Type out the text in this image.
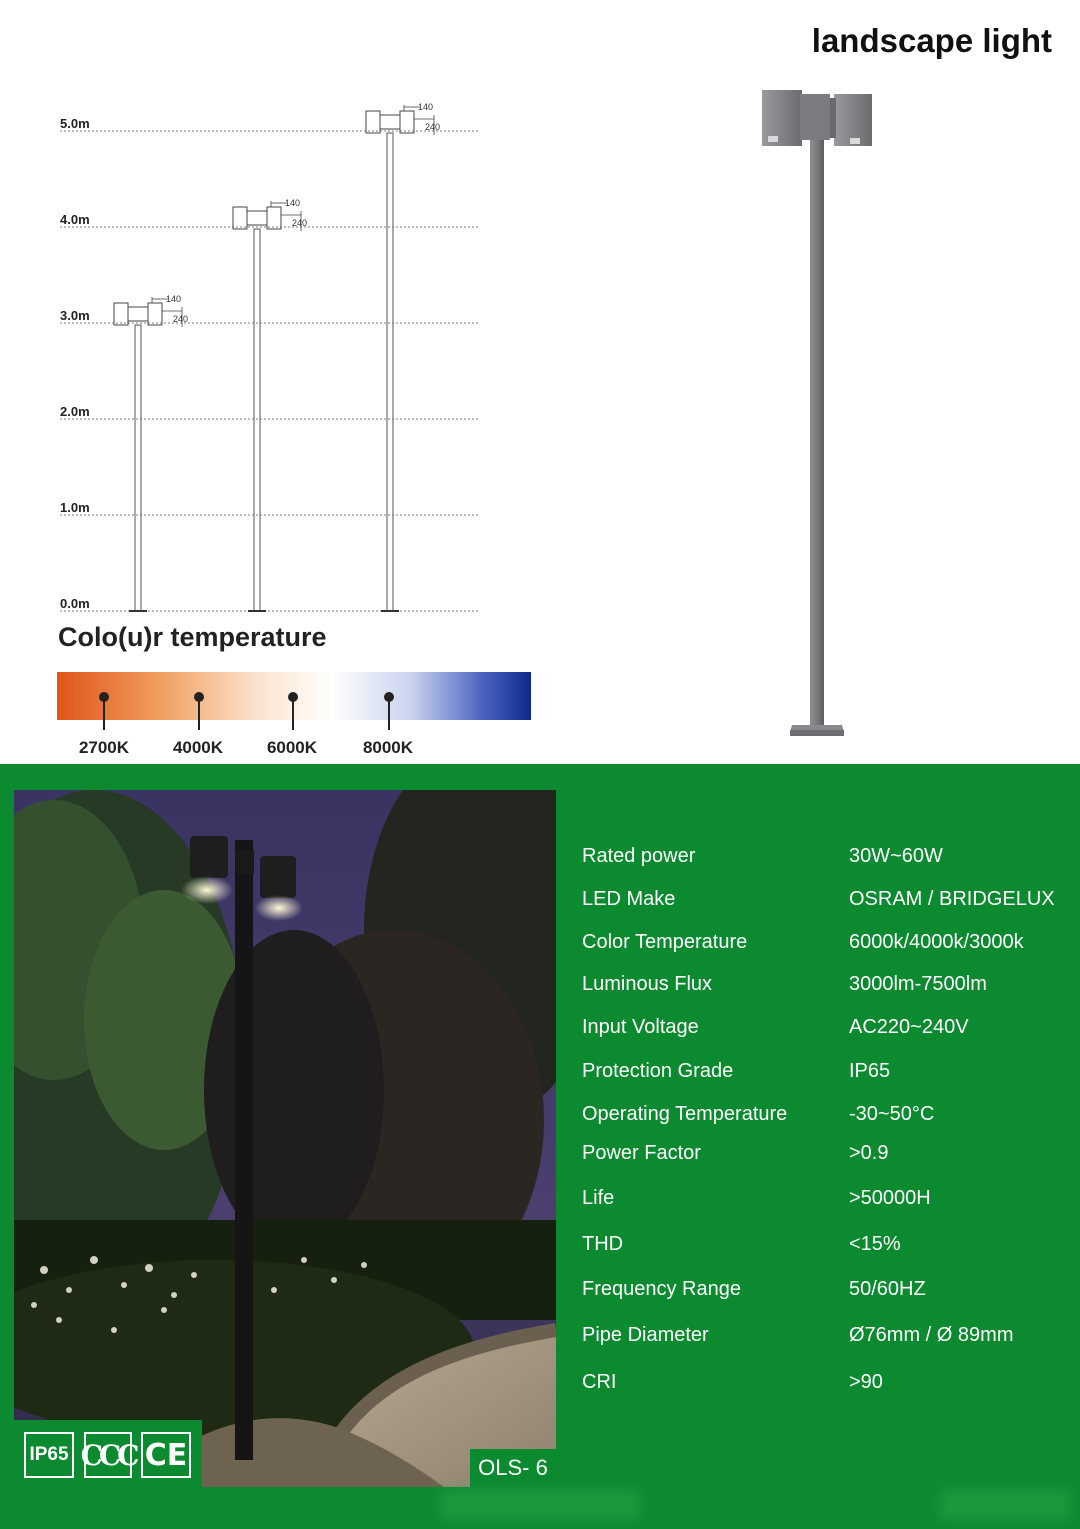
landscape light
5.0m
4.0m
3.0m
2.0m
1.0m
0.0m
140
240
140
240
140
240
Colo(u)r temperature
2700K	4000K	6000K	8000K
IP65 CCC CE	OLS- 6
Rated power	30W~60W
LED Make	OSRAM / BRIDGELUX
Color Temperature	6000k/4000k/3000k
Luminous Flux	3000lm-7500lm
Input Voltage	AC220~240V
Protection Grade	IP65
Operating Temperature	-30~50°C
Power Factor	>0.9
Life	>50000H
THD	<15%
Frequency Range	50/60HZ
Pipe Diameter	Ø76mm / Ø 89mm
CRI	>90
